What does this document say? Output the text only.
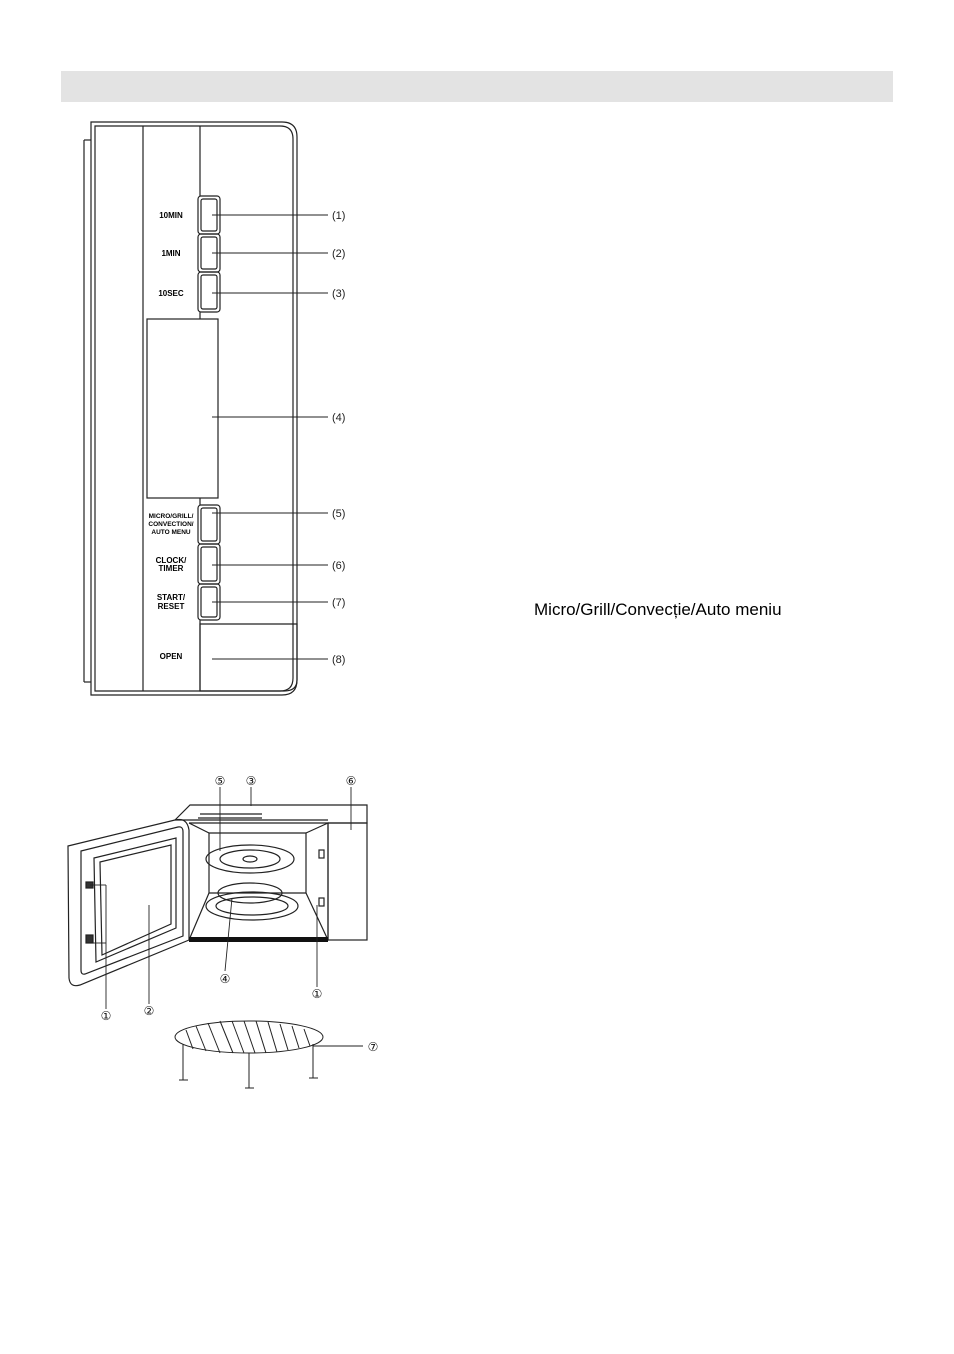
10MIN
1MIN
10SEC
MICRO/GRILL/
CONVECTION/
AUTO MENU
CLOCK/
TIMER
START/
RESET
OPEN
(1)
(2)
(3)
(4)
(5)
(6)
(7)
(8)
⑤ ③	⑥
④
①
①	②
⑦
Micro/Grill/Convecție/Auto meniu
